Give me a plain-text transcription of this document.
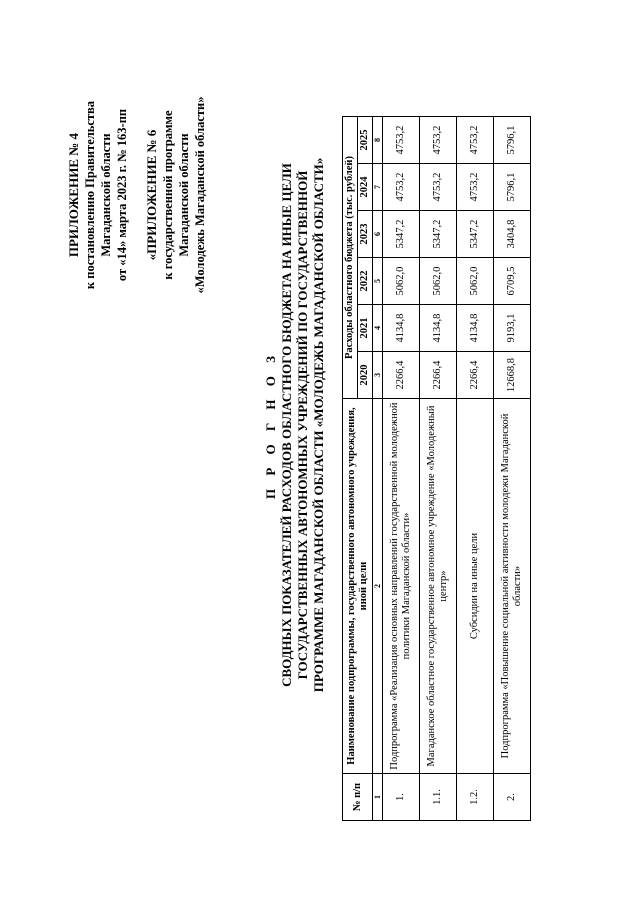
ПРИЛОЖЕНИЕ № 4 к постановлению Правительства Магаданской области от «14» марта 2023 г. № 163-пп «ПРИЛОЖЕНИЕ № 6 к государственной программе Магаданской области «Молодежь Магаданской области»
П Р О Г Н О З СВОДНЫХ ПОКАЗАТЕЛЕЙ РАСХОДОВ ОБЛАСТНОГО БЮДЖЕТА НА ИНЫЕ ЦЕЛИ ГОСУДАРСТВЕННЫХ АВТОНОМНЫХ УЧРЕЖДЕНИЙ ПО ГОСУДАРСТВЕННОЙ ПРОГРАММЕ МАГАДАНСКОЙ ОБЛАСТИ «МОЛОДЕЖЬ МАГАДАНСКОЙ ОБЛАСТИ»
№ п/п	Наименование подпрограммы, государственного автономного учреждения, иной цели	Расходы областного бюджета (тыс. рублей)					
		2020	2021	2022	2023	2024	2025
1	2	3	4	5	6	7	8
1.	Подпрограмма «Реализация основных направлений государственной молодежной политики Магаданской области»	2266,4	4134,8	5062,0	5347,2	4753,2	4753,2
1.1.	Магаданское областное государственное автономное учреждение «Молодежный центр»	2266,4	4134,8	5062,0	5347,2	4753,2	4753,2
1.2.	Субсидии на иные цели	2266,4	4134,8	5062,0	5347,2	4753,2	4753,2
2.	Подпрограмма «Повышение социальной активности молодежи Магаданской области»	12668,8	9193,1	6709,5	3404,8	5796,1	5796,1
